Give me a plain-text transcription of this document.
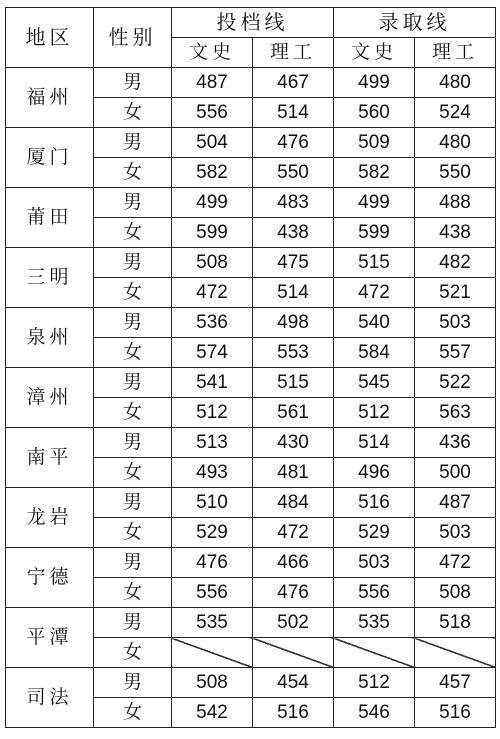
地区	性别	投档线		录取线	
		文史	理工	文史	理工
福州	男	487	467	499	480
	女	556	514	560	524
厦门	男	504	476	509	480
	女	582	550	582	550
莆田	男	499	483	499	488
	女	599	438	599	438
三明	男	508	475	515	482
	女	472	514	472	521
泉州	男	536	498	540	503
	女	574	553	584	557
漳州	男	541	515	545	522
	女	512	561	512	563
南平	男	513	430	514	436
	女	493	481	496	500
龙岩	男	510	484	516	487
	女	529	472	529	503
宁德	男	476	466	503	472
	女	556	476	556	508
平潭	男	535	502	535	518
	女				
司法	男	508	454	512	457
	女	542	516	546	516
